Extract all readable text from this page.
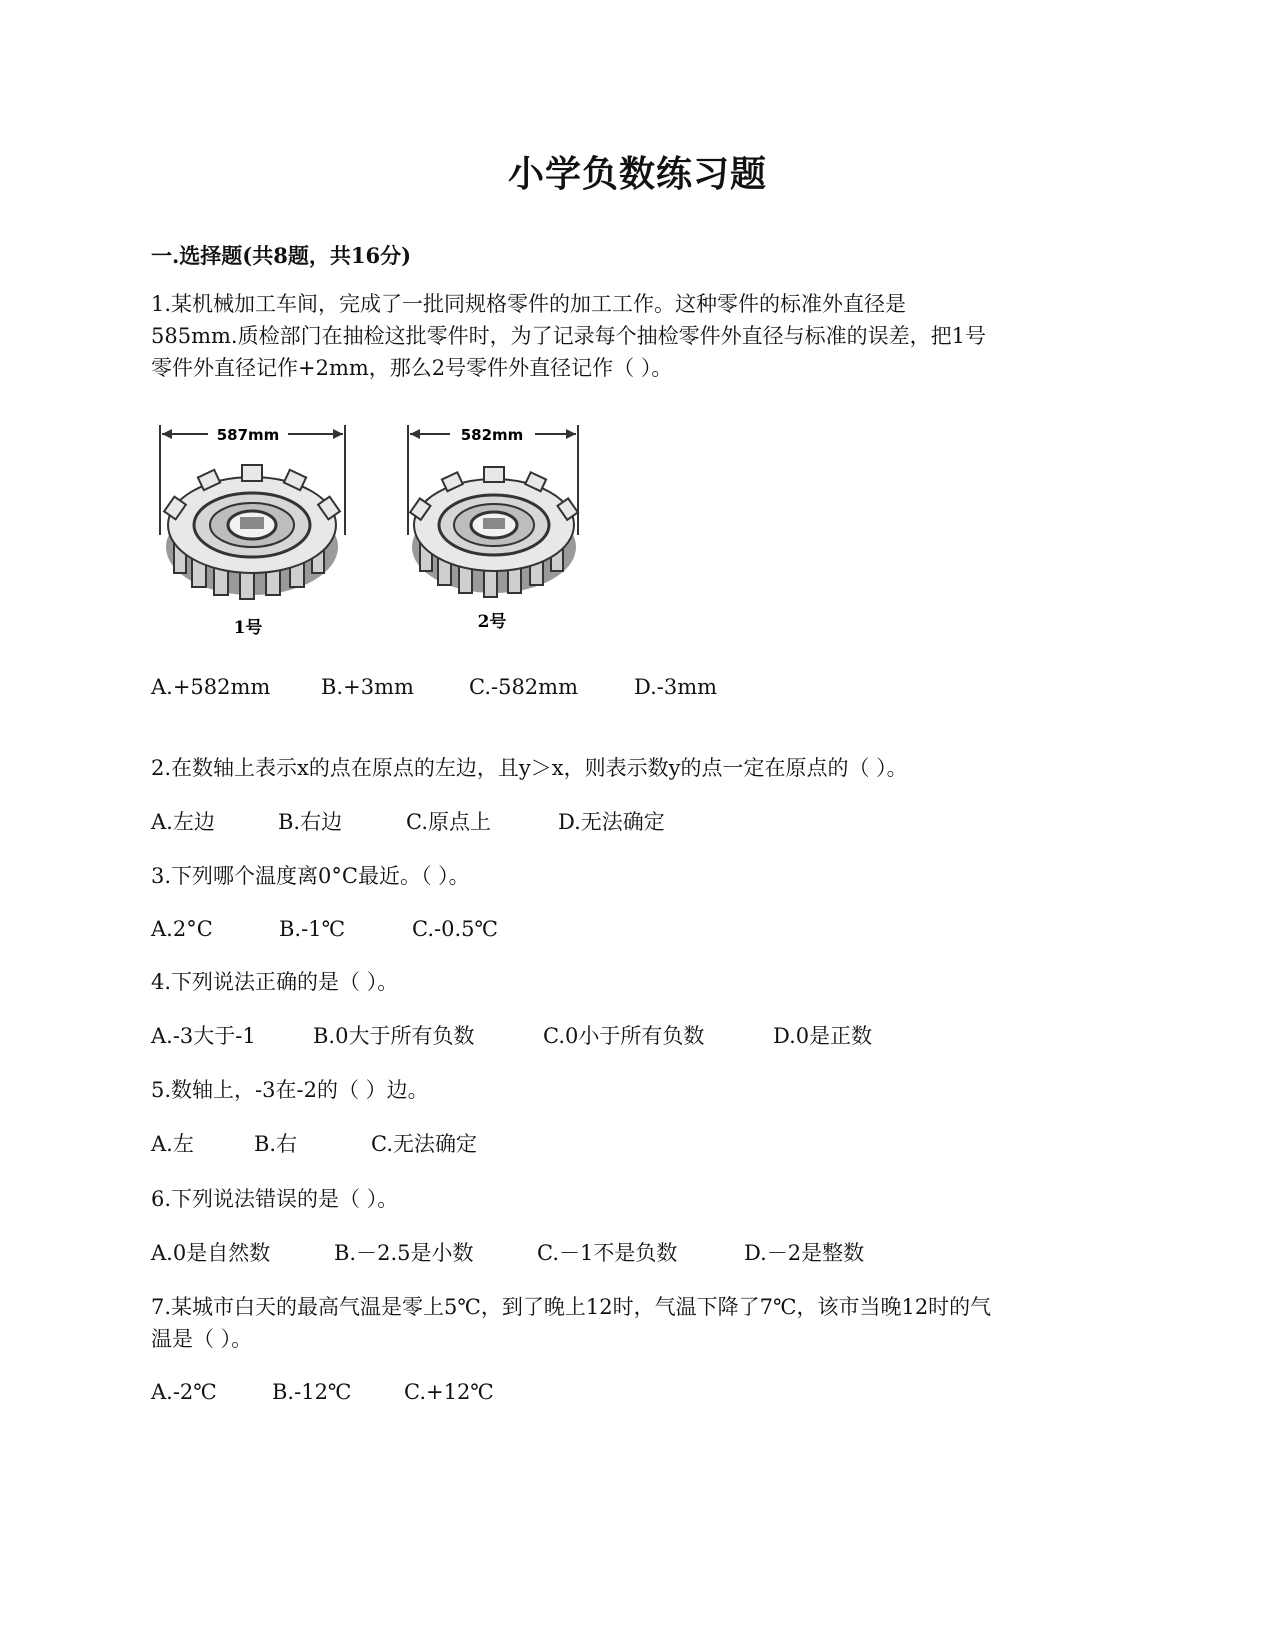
小学负数练习题
一.选择题(共8题，共16分)
1.某机械加工车间，完成了一批同规格零件的加工工作。这种零件的标准外直径是
585mm.质检部门在抽检这批零件时，为了记录每个抽检零件外直径与标准的误差，把1号
零件外直径记作+2mm，那么2号零件外直径记作（ ）。
587mm
1号
582mm
2号
A.+582mm B.+3mm	C.-582mm	D.-3mm
2.在数轴上表示x的点在原点的左边，且y＞x，则表示数y的点一定在原点的（ ）。
A.左边	B.右边	C.原点上	D.无法确定
3.下列哪个温度离0°C最近。（ ）。
A.2°C	B.-1℃	C.-0.5℃
4.下列说法正确的是（ ）。
A.-3大于-1	B.0大于所有负数	C.0小于所有负数	D.0是正数
5.数轴上，-3在-2的（ ）边。
A.左	B.右	C.无法确定
6.下列说法错误的是（ ）。
A.0是自然数	B.－2.5是小数	C.－1不是负数	D.－2是整数
7.某城市白天的最高气温是零上5℃，到了晚上12时，气温下降了7℃，该市当晚12时的气
温是（ ）。
A.-2℃	B.-12℃	C.+12℃
